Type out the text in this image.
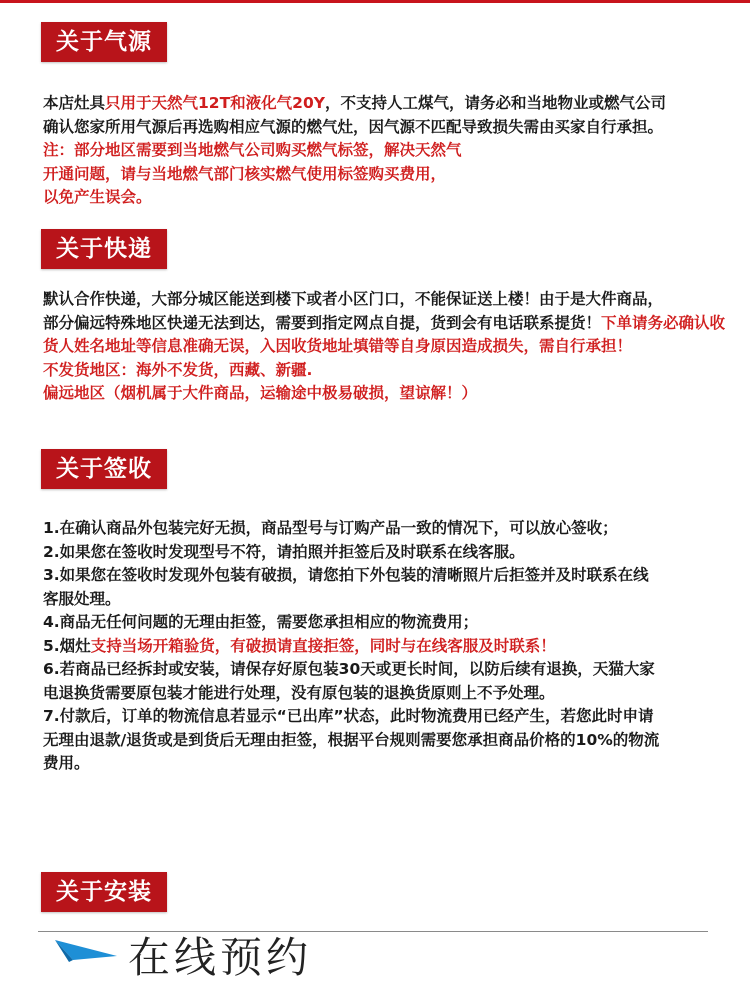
关于气源

本店灶具只用于天然气12T和液化气20Y，不支持人工煤气，请务必和当地物业或燃气公司

确认您家所用气源后再选购相应气源的燃气灶，因气源不匹配导致损失需由买家自行承担。

注：部分地区需要到当地燃气公司购买燃气标签，解决天然气

开通问题，请与当地燃气部门核实燃气使用标签购买费用，

以免产生误会。

关于快递

默认合作快递，大部分城区能送到楼下或者小区门口，不能保证送上楼！由于是大件商品，

部分偏远特殊地区快递无法到达，需要到指定网点自提，货到会有电话联系提货！下单请务必确认收货人姓名地址等信息准确无误，入因收货地址填错等自身原因造成损失，需自行承担！

不发货地区：海外不发货，西藏、新疆.

偏远地区（烟机属于大件商品，运输途中极易破损，望谅解！）

关于签收

1.在确认商品外包装完好无损，商品型号与订购产品一致的情况下，可以放心签收；

2.如果您在签收时发现型号不符，请拍照并拒签后及时联系在线客服。

3.如果您在签收时发现外包装有破损，请您拍下外包装的清晰照片后拒签并及时联系在线

客服处理。

4.商品无任何问题的无理由拒签，需要您承担相应的物流费用；

5.烟灶支持当场开箱验货，有破损请直接拒签，同时与在线客服及时联系！

6.若商品已经拆封或安装，请保存好原包装30天或更长时间，以防后续有退换，天猫大家

电退换货需要原包装才能进行处理，没有原包装的退换货原则上不予处理。

7.付款后，订单的物流信息若显示“已出库”状态，此时物流费用已经产生，若您此时申请

无理由退款/退货或是到货后无理由拒签，根据平台规则需要您承担商品价格的10%的物流

费用。

关于安装
在线预约
